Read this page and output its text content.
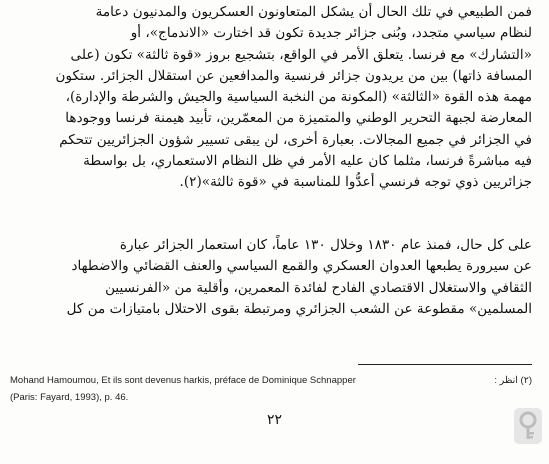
فمن الطبيعي في تلك الحال أن يشكل المتعاونون العسكريون والمدنيون دعامة
لنظام سياسي متجدد، وبُنى جزائر جديدة تكون قد اختارت «الاندماج»، أو
«التشارك» مع فرنسا. يتعلق الأمر في الواقع، بتشجيع بروز «قوة ثالثة» تكون (على
المسافة ذاتها) بين من يريدون جزائر فرنسية والمدافعين عن استقلال الجزائر. ستكون
مهمة هذه القوة «الثالثة» (المكونة من النخبة السياسية والجيش والشرطة والإدارة)،
المعارضة لجبهة التحرير الوطني والمتميزة من المعمّرين، تأبيد هيمنة فرنسا ووجودها
في الجزائر في جميع المجالات. بعبارة أخرى، لن يبقى تسيير شؤون الجزائريين تتحكم
فيه مباشرةً فرنسا، مثلما كان عليه الأمر في ظل النظام الاستعماري، بل بواسطة
جزائريين ذوي توجه فرنسي أُعدُّوا للمناسبة في «قوة ثالثة»(٢).
على كل حال، فمنذ عام ١٨٣٠ وخلال ١٣٠ عاماً، كان استعمار الجزائر عبارة
عن سيرورة يطبعها العدوان العسكري والقمع السياسي والعنف القضائي والاضطهاد
الثقافي والاستغلال الاقتصادي الفادح لفائدة المعمرين، وأقلية من «الفرنسيين
المسلمين» مقطوعة عن الشعب الجزائري ومرتبطة بقوى الاحتلال بامتيازات من كل
Mohand Hamoumou, Et ils sont devenus harkis, préface de Dominique Schnapper	(٢) انظر :
(Paris: Fayard, 1993), p. 46.
٢٢
